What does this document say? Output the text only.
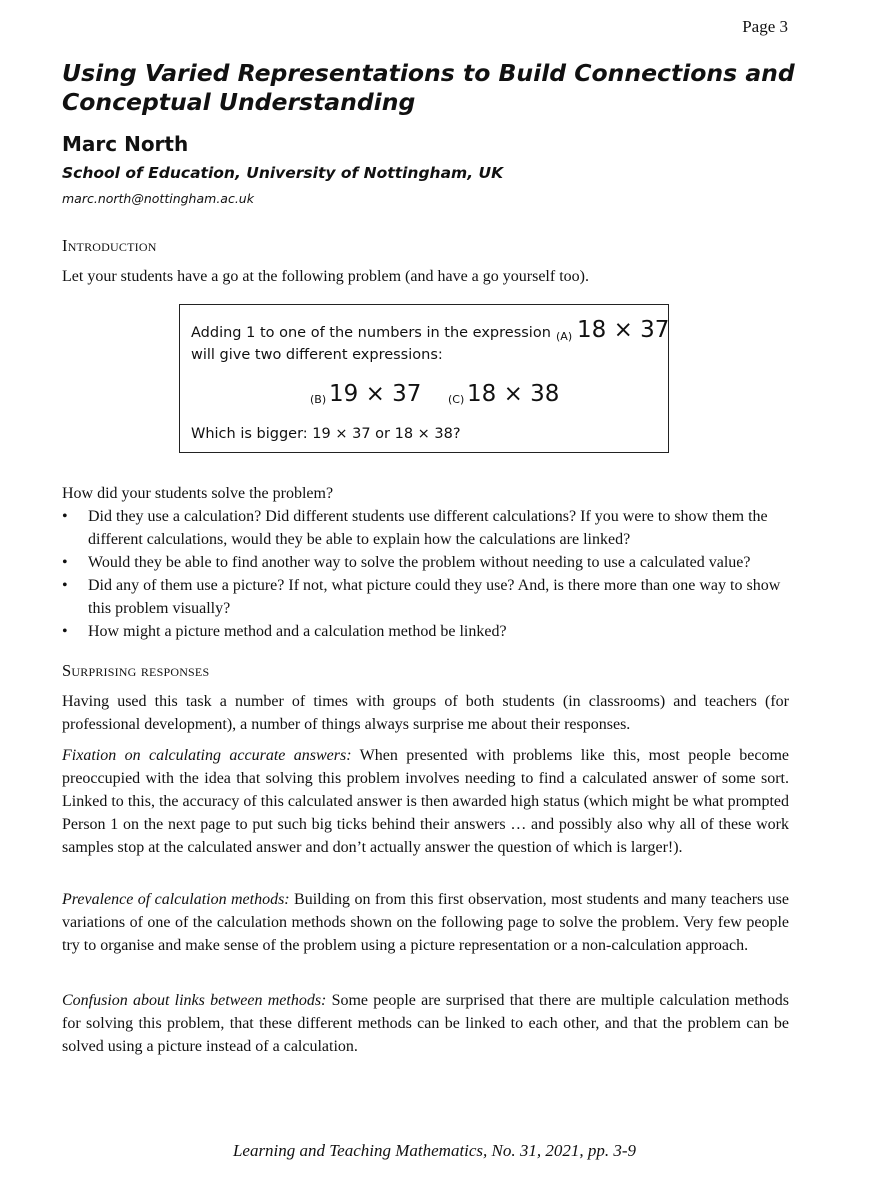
Page 3
Using Varied Representations to Build Connections and Conceptual Understanding
Marc North
School of Education, University of Nottingham, UK
marc.north@nottingham.ac.uk
Introduction

Let your students have a go at the following problem (and have a go yourself too).

Adding 1 to one of the numbers in the expression (A) 18 × 37
will give two different expressions:
(B) 19 × 37 (C) 18 × 38
Which is bigger: 19 × 37 or 18 × 38?

How did your students solve the problem?

• Did they use a calculation? Did different students use different calculations? If you were to show them the different calculations, would they be able to explain how the calculations are linked?
• Would they be able to find another way to solve the problem without needing to use a calculated value?
• Did any of them use a picture? If not, what picture could they use? And, is there more than one way to show this problem visually?
• How might a picture method and a calculation method be linked?
Surprising responses

Having used this task a number of times with groups of both students (in classrooms) and teachers (for professional development), a number of things always surprise me about their responses.

Fixation on calculating accurate answers: When presented with problems like this, most people become preoccupied with the idea that solving this problem involves needing to find a calculated answer of some sort. Linked to this, the accuracy of this calculated answer is then awarded high status (which might be what prompted Person 1 on the next page to put such big ticks behind their answers … and possibly also why all of these work samples stop at the calculated answer and don’t actually answer the question of which is larger!).

Prevalence of calculation methods: Building on from this first observation, most students and many teachers use variations of one of the calculation methods shown on the following page to solve the problem. Very few people try to organise and make sense of the problem using a picture representation or a non-calculation approach.

Confusion about links between methods: Some people are surprised that there are multiple calculation methods for solving this problem, that these different methods can be linked to each other, and that the problem can be solved using a picture instead of a calculation.

Learning and Teaching Mathematics, No. 31, 2021, pp. 3-9
